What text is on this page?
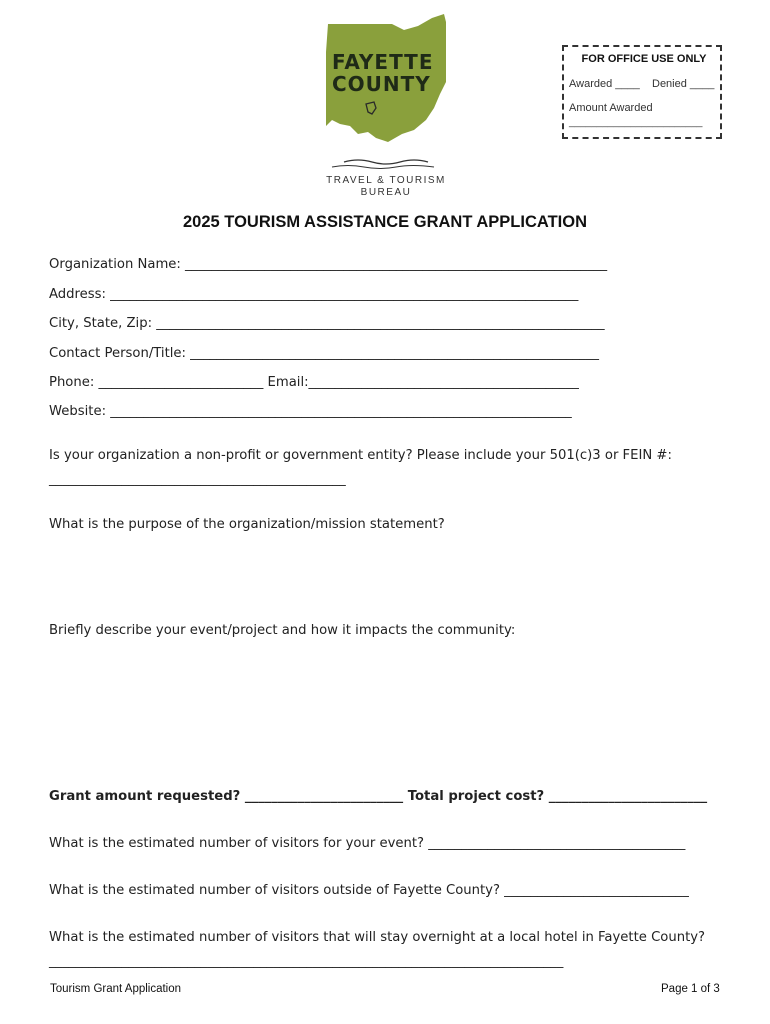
FAYETTE
COUNTY
TRAVEL & TOURISM
BUREAU
FOR OFFICE USE ONLY
Awarded ____ Denied ____
Amount Awarded
________________________
2025 TOURISM ASSISTANCE GRANT APPLICATION
Organization Name: ________________________________________________________________
Address: _______________________________________________________________________
City, State, Zip: ____________________________________________________________________
Contact Person/Title: ______________________________________________________________
Phone: _________________________ Email:_________________________________________
Website: ______________________________________________________________________
Is your organization a non-profit or government entity? Please include your 501(c)3 or FEIN #:
_____________________________________________
What is the purpose of the organization/mission statement?
Briefly describe your event/project and how it impacts the community:
Grant amount requested? ________________________ Total project cost? ________________________
What is the estimated number of visitors for your event? _______________________________________
What is the estimated number of visitors outside of Fayette County? ____________________________
What is the estimated number of visitors that will stay overnight at a local hotel in Fayette County?
______________________________________________________________________________
Tourism Grant Application	Page 1 of 3
